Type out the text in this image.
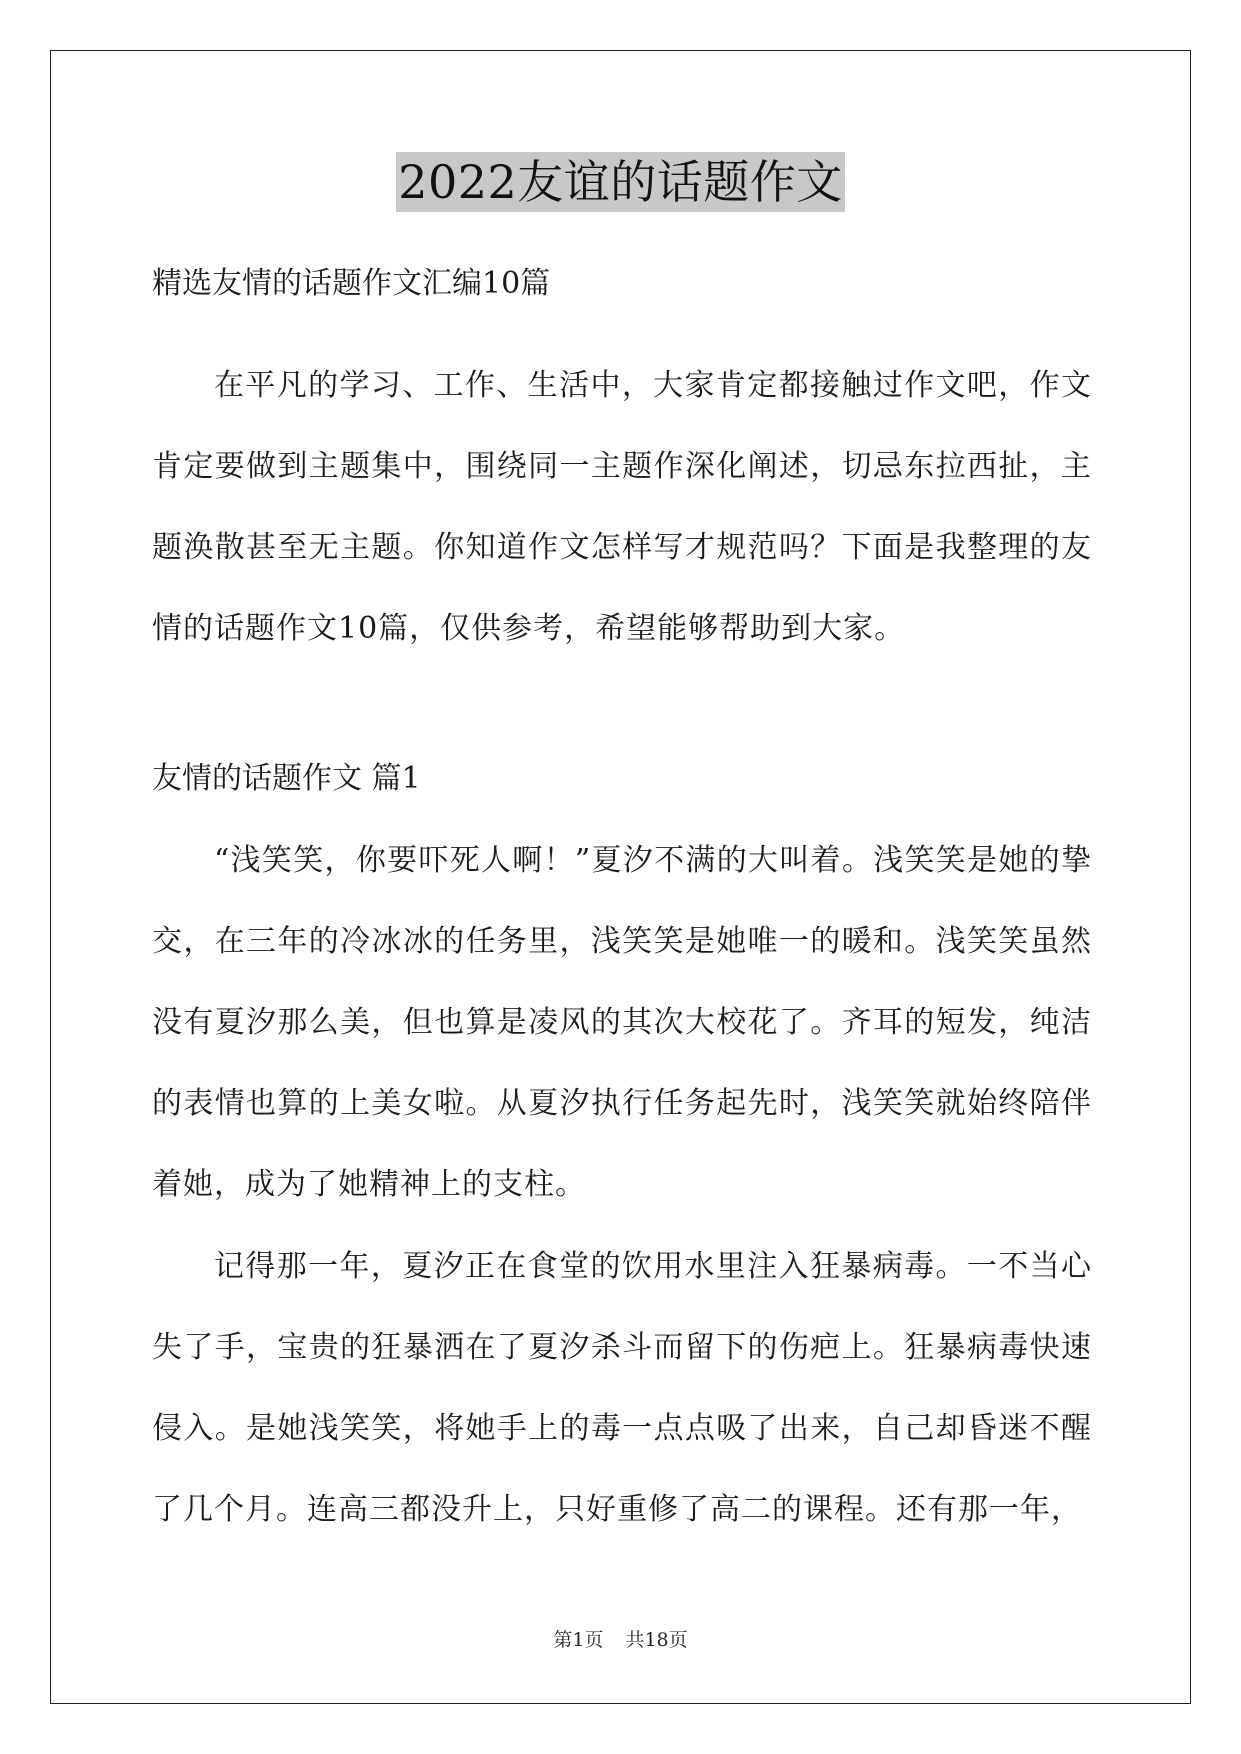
2022友谊的话题作文
精选友情的话题作文汇编10篇
在平凡的学习、工作、生活中，大家肯定都接触过作文吧，作文肯定要做到主题集中，围绕同一主题作深化阐述，切忌东拉西扯，主题涣散甚至无主题。你知道作文怎样写才规范吗？下面是我整理的友情的话题作文10篇，仅供参考，希望能够帮助到大家。
友情的话题作文 篇1
“浅笑笑，你要吓死人啊！”夏汐不满的大叫着。浅笑笑是她的挚交，在三年的冷冰冰的任务里，浅笑笑是她唯一的暖和。浅笑笑虽然没有夏汐那么美，但也算是凌风的其次大校花了。齐耳的短发，纯洁的表情也算的上美女啦。从夏汐执行任务起先时，浅笑笑就始终陪伴着她，成为了她精神上的支柱。
记得那一年，夏汐正在食堂的饮用水里注入狂暴病毒。一不当心失了手，宝贵的狂暴洒在了夏汐杀斗而留下的伤疤上。狂暴病毒快速侵入。是她浅笑笑，将她手上的毒一点点吸了出来，自己却昏迷不醒了几个月。连高三都没升上，只好重修了高二的课程。还有那一年，
第1页 共18页
